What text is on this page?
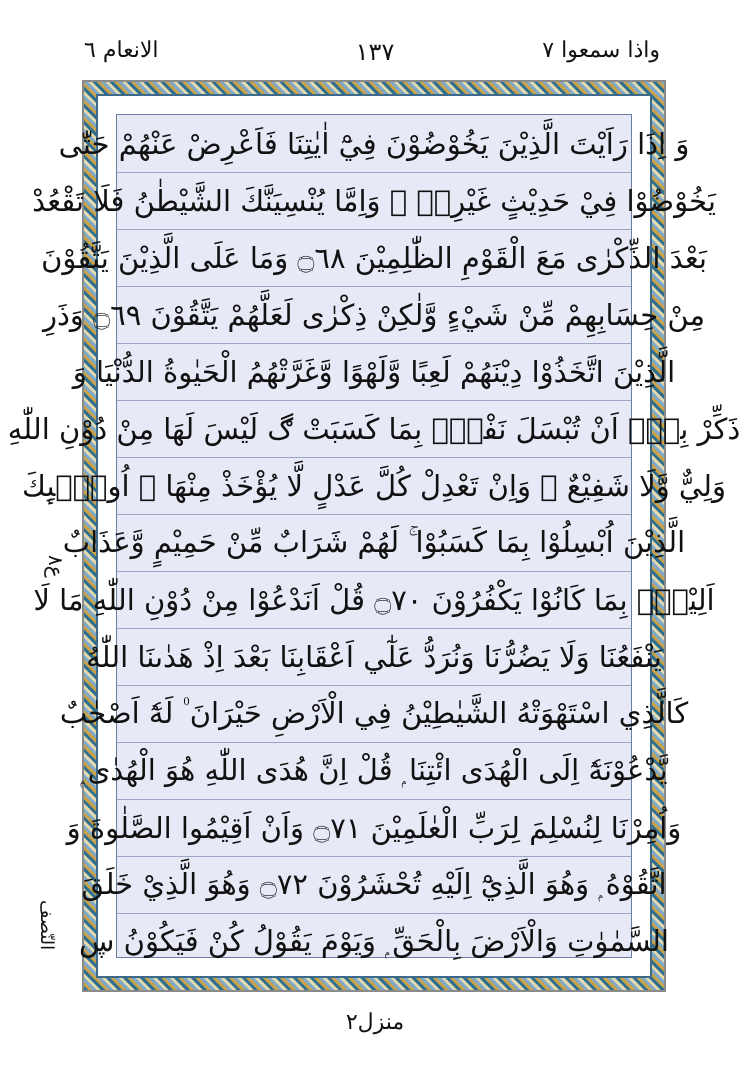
الانعام ٦	١٣٧	واذا سمعوا ٧
وَ اِذَا رَاَيْتَ الَّذِيْنَ يَخُوْضُوْنَ فِيْٓ اٰيٰتِنَا فَاَعْرِضْ عَنْهُمْ حَتّٰى
يَخُوْضُوْا فِيْ حَدِيْثٍ غَيْرِهٖ ۭ وَاِمَّا يُنْسِيَنَّكَ الشَّيْطٰنُ فَلَا تَقْعُدْ
بَعْدَ الذِّكْرٰى مَعَ الْقَوْمِ الظّٰلِمِيْنَ ۝٦٨ وَمَا عَلَى الَّذِيْنَ يَتَّقُوْنَ
مِنْ حِسَابِهِمْ مِّنْ شَيْءٍ وَّلٰكِنْ ذِكْرٰى لَعَلَّهُمْ يَتَّقُوْنَ ۝٦٩ وَذَرِ
الَّذِيْنَ اتَّخَذُوْا دِيْنَهُمْ لَعِبًا وَّلَهْوًا وَّغَرَّتْهُمُ الْحَيٰوةُ الدُّنْيَا وَ
ذَكِّرْ بِهٖٓ اَنْ تُبْسَلَ نَفْسٌۢ بِمَا كَسَبَتْ ڰ لَيْسَ لَهَا مِنْ دُوْنِ اللّٰهِ
وَلِيٌّ وَّلَا شَفِيْعٌ ۚ وَاِنْ تَعْدِلْ كُلَّ عَدْلٍ لَّا يُؤْخَذْ مِنْهَا ۭ اُولٰۗىِٕكَ
الَّذِيْنَ اُبْسِلُوْا بِمَا كَسَبُوْا ۚ لَهُمْ شَرَابٌ مِّنْ حَمِيْمٍ وَّعَذَابٌ
اَلِيْمٌۢ بِمَا كَانُوْا يَكْفُرُوْنَ ۝٧٠ قُلْ اَنَدْعُوْا مِنْ دُوْنِ اللّٰهِ مَا لَا
يَنْفَعُنَا وَلَا يَضُرُّنَا وَنُرَدُّ عَلٰٓي اَعْقَابِنَا بَعْدَ اِذْ هَدٰىنَا اللّٰهُ
كَالَّذِي اسْتَهْوَتْهُ الشَّيٰطِيْنُ فِي الْاَرْضِ حَيْرَانَ ۠ لَهٗٓ اَصْحٰبٌ
يَّدْعُوْنَهٗٓ اِلَى الْهُدَى ائْتِنَا ۭ قُلْ اِنَّ هُدَى اللّٰهِ هُوَ الْهُدٰى ۭ
وَاُمِرْنَا لِنُسْلِمَ لِرَبِّ الْعٰلَمِيْنَ ۝٧١ وَاَنْ اَقِيْمُوا الصَّلٰوةَ وَ
اتَّقُوْهُ ۭ وَهُوَ الَّذِيْٓ اِلَيْهِ تُحْشَرُوْنَ ۝٧٢ وَهُوَ الَّذِيْ خَلَقَ
السَّمٰوٰتِ وَالْاَرْضَ بِالْحَقِّ ۭ وَيَوْمَ يَقُوْلُ كُنْ فَيَكُوْنُ ڛ
ع٨
النّصف
منزل٢
